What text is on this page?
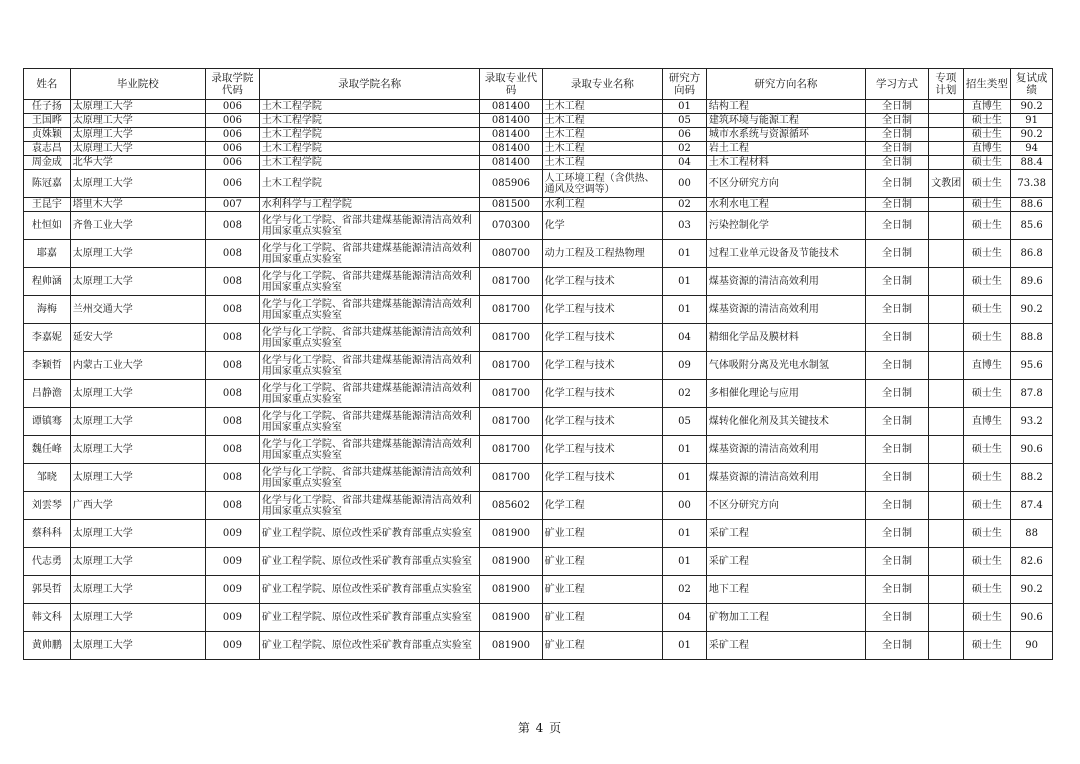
姓名	毕业院校	录取学院代码	录取学院名称	录取专业代码	录取专业名称	研究方向码	研究方向名称	学习方式	专项计划	招生类型	复试成绩
任子扬	太原理工大学	006	土木工程学院	081400	土木工程	01	结构工程	全日制		直博生	90.2
王国晔	太原理工大学	006	土木工程学院	081400	土木工程	05	建筑环境与能源工程	全日制		硕士生	91
贞姝颖	太原理工大学	006	土木工程学院	081400	土木工程	06	城市水系统与资源循环	全日制		硕士生	90.2
袁志昌	太原理工大学	006	土木工程学院	081400	土木工程	02	岩土工程	全日制		直博生	94
周金成	北华大学	006	土木工程学院	081400	土木工程	04	土木工程材料	全日制		硕士生	88.4
陈冠嘉	太原理工大学	006	土木工程学院	085906	人工环境工程（含供热、通风及空调等）	00	不区分研究方向	全日制	文教团	硕士生	73.38
王昆宇	塔里木大学	007	水利科学与工程学院	081500	水利工程	02	水利水电工程	全日制		硕士生	88.6
杜恒如	齐鲁工业大学	008	化学与化工学院、省部共建煤基能源清洁高效利用国家重点实验室	070300	化学	03	污染控制化学	全日制		硕士生	85.6
耶嘉	太原理工大学	008	化学与化工学院、省部共建煤基能源清洁高效利用国家重点实验室	080700	动力工程及工程热物理	01	过程工业单元设备及节能技术	全日制		硕士生	86.8
程帅涵	太原理工大学	008	化学与化工学院、省部共建煤基能源清洁高效利用国家重点实验室	081700	化学工程与技术	01	煤基资源的清洁高效利用	全日制		硕士生	89.6
海梅	兰州交通大学	008	化学与化工学院、省部共建煤基能源清洁高效利用国家重点实验室	081700	化学工程与技术	01	煤基资源的清洁高效利用	全日制		硕士生	90.2
李嘉妮	延安大学	008	化学与化工学院、省部共建煤基能源清洁高效利用国家重点实验室	081700	化学工程与技术	04	精细化学品及膜材料	全日制		硕士生	88.8
李颖哲	内蒙古工业大学	008	化学与化工学院、省部共建煤基能源清洁高效利用国家重点实验室	081700	化学工程与技术	09	气体吸附分离及光电水制氢	全日制		直博生	95.6
吕静澹	太原理工大学	008	化学与化工学院、省部共建煤基能源清洁高效利用国家重点实验室	081700	化学工程与技术	02	多相催化理论与应用	全日制		硕士生	87.8
谭镇骞	太原理工大学	008	化学与化工学院、省部共建煤基能源清洁高效利用国家重点实验室	081700	化学工程与技术	05	煤转化催化剂及其关键技术	全日制		直博生	93.2
魏任峰	太原理工大学	008	化学与化工学院、省部共建煤基能源清洁高效利用国家重点实验室	081700	化学工程与技术	01	煤基资源的清洁高效利用	全日制		硕士生	90.6
邹晓	太原理工大学	008	化学与化工学院、省部共建煤基能源清洁高效利用国家重点实验室	081700	化学工程与技术	01	煤基资源的清洁高效利用	全日制		硕士生	88.2
刘雲琴	广西大学	008	化学与化工学院、省部共建煤基能源清洁高效利用国家重点实验室	085602	化学工程	00	不区分研究方向	全日制		硕士生	87.4
蔡科科	太原理工大学	009	矿业工程学院、原位改性采矿教育部重点实验室	081900	矿业工程	01	采矿工程	全日制		硕士生	88
代志勇	太原理工大学	009	矿业工程学院、原位改性采矿教育部重点实验室	081900	矿业工程	01	采矿工程	全日制		硕士生	82.6
郭昊哲	太原理工大学	009	矿业工程学院、原位改性采矿教育部重点实验室	081900	矿业工程	02	地下工程	全日制		硕士生	90.2
韩文科	太原理工大学	009	矿业工程学院、原位改性采矿教育部重点实验室	081900	矿业工程	04	矿物加工工程	全日制		硕士生	90.6
黄帅鹏	太原理工大学	009	矿业工程学院、原位改性采矿教育部重点实验室	081900	矿业工程	01	采矿工程	全日制		硕士生	90
第 4 页
